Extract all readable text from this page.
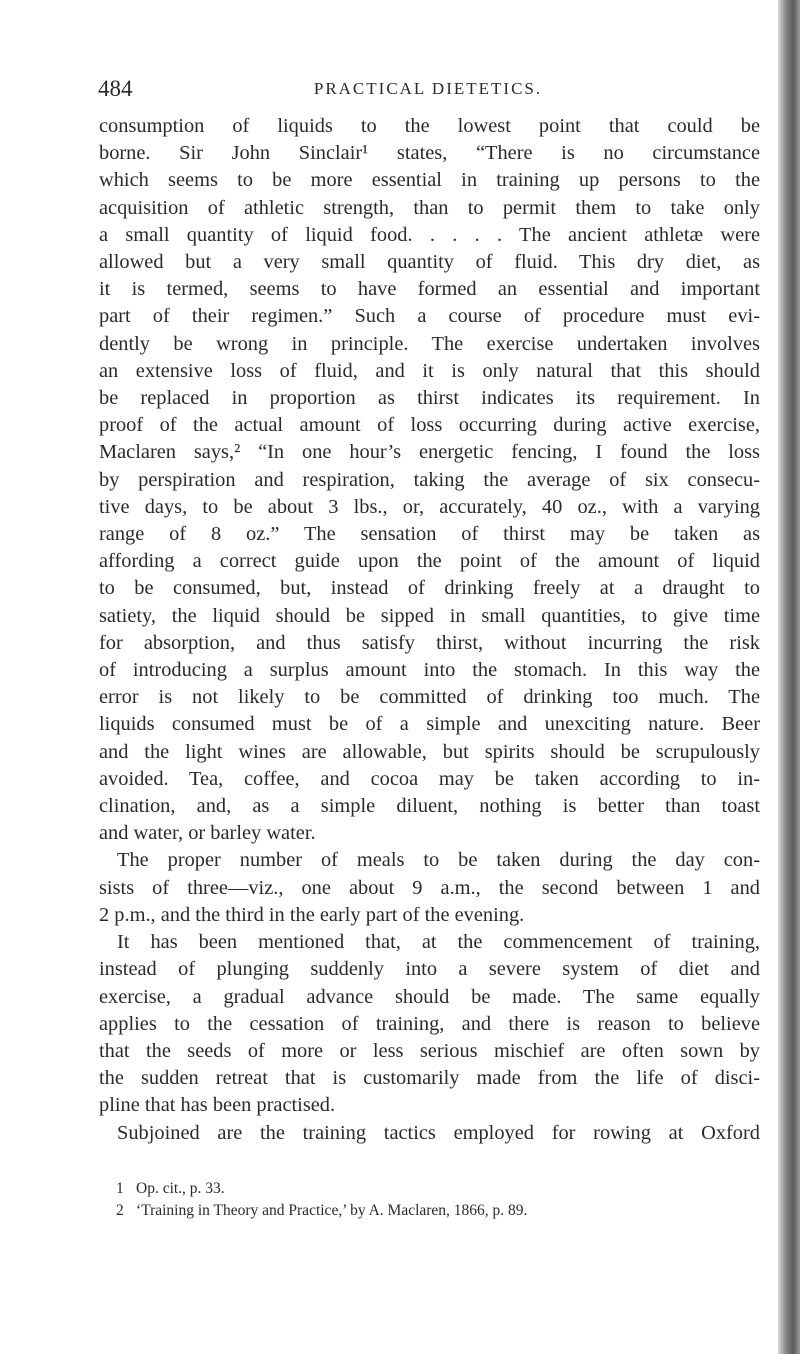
484	PRACTICAL DIETETICS.
consumption of liquids to the lowest point that could be
borne. Sir John Sinclair¹ states, “There is no circumstance
which seems to be more essential in training up persons to the
acquisition of athletic strength, than to permit them to take only
a small quantity of liquid food. . . . . The ancient athletæ were
allowed but a very small quantity of fluid. This dry diet, as
it is termed, seems to have formed an essential and important
part of their regimen.” Such a course of procedure must evi-
dently be wrong in principle. The exercise undertaken involves
an extensive loss of fluid, and it is only natural that this should
be replaced in proportion as thirst indicates its requirement. In
proof of the actual amount of loss occurring during active exercise,
Maclaren says,² “In one hour’s energetic fencing, I found the loss
by perspiration and respiration, taking the average of six consecu-
tive days, to be about 3 lbs., or, accurately, 40 oz., with a varying
range of 8 oz.” The sensation of thirst may be taken as
affording a correct guide upon the point of the amount of liquid
to be consumed, but, instead of drinking freely at a draught to
satiety, the liquid should be sipped in small quantities, to give time
for absorption, and thus satisfy thirst, without incurring the risk
of introducing a surplus amount into the stomach. In this way the
error is not likely to be committed of drinking too much. The
liquids consumed must be of a simple and unexciting nature. Beer
and the light wines are allowable, but spirits should be scrupulously
avoided. Tea, coffee, and cocoa may be taken according to in-
clination, and, as a simple diluent, nothing is better than toast
and water, or barley water.
The proper number of meals to be taken during the day con-
sists of three—viz., one about 9 a.m., the second between 1 and
2 p.m., and the third in the early part of the evening.
It has been mentioned that, at the commencement of training,
instead of plunging suddenly into a severe system of diet and
exercise, a gradual advance should be made. The same equally
applies to the cessation of training, and there is reason to believe
that the seeds of more or less serious mischief are often sown by
the sudden retreat that is customarily made from the life of disci-
pline that has been practised.
Subjoined are the training tactics employed for rowing at Oxford
1 Op. cit., p. 33.
2 ‘Training in Theory and Practice,’ by A. Maclaren, 1866, p. 89.
